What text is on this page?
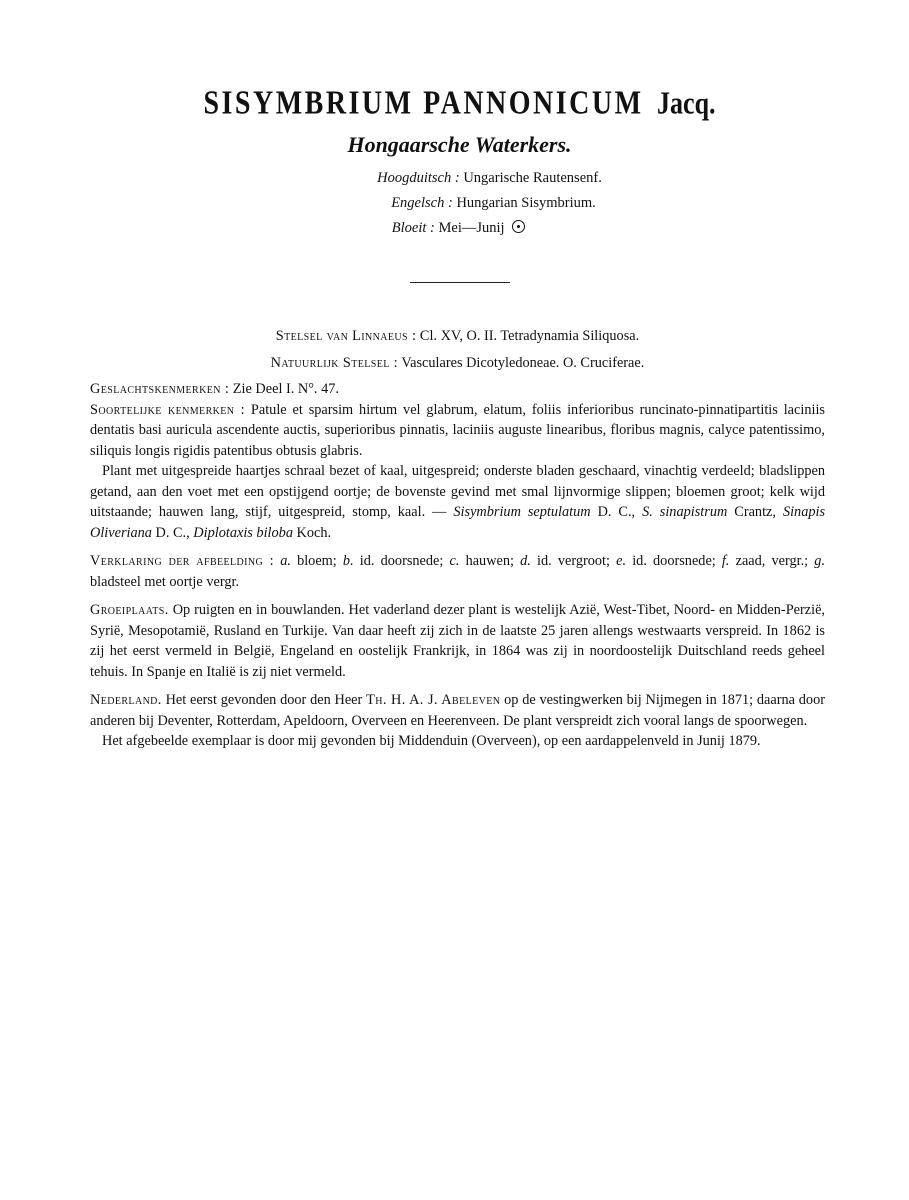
SISYMBRIUM PANNONICUM Jacq.

Hongaarsche Waterkers.

Hoogduitsch : Ungarische Rautensenf.
Engelsch : Hungarian Sisymbrium.
Bloeit : Mei—Junij

Stelsel van Linnaeus : Cl. XV, O. II. Tetradynamia Siliquosa.

Natuurlijk Stelsel : Vasculares Dicotyledoneae. O. Cruciferae.

Geslachtskenmerken : Zie Deel I. N°. 47.

Soortelijke kenmerken : Patule et sparsim hirtum vel glabrum, elatum, foliis inferioribus runcinato-pinnatipartitis laciniis dentatis basi auricula ascendente auctis, superioribus pinnatis, laciniis auguste linearibus, floribus magnis, calyce patentissimo, siliquis longis rigidis patentibus obtusis glabris.

Plant met uitgespreide haartjes schraal bezet of kaal, uitgespreid; onderste bladen geschaard, vinachtig verdeeld; bladslippen getand, aan den voet met een opstijgend oortje; de bovenste gevind met smal lijnvormige slippen; bloemen groot; kelk wijd uitstaande; hauwen lang, stijf, uitgespreid, stomp, kaal. — Sisymbrium septulatum D. C., S. sinapistrum Crantz, Sinapis Oliveriana D. C., Diplotaxis biloba Koch.

Verklaring der afbeelding : a. bloem; b. id. doorsnede; c. hauwen; d. id. vergroot; e. id. doorsnede; f. zaad, vergr.; g. bladsteel met oortje vergr.

Groeiplaats. Op ruigten en in bouwlanden. Het vaderland dezer plant is westelijk Azië, West-Tibet, Noord- en Midden-Perzië, Syrië, Mesopotamië, Rusland en Turkije. Van daar heeft zij zich in de laatste 25 jaren allengs westwaarts verspreid. In 1862 is zij het eerst vermeld in België, Engeland en oostelijk Frankrijk, in 1864 was zij in noordoostelijk Duitschland reeds geheel tehuis. In Spanje en Italië is zij niet vermeld.

Nederland. Het eerst gevonden door den Heer Th. H. A. J. Abeleven op de vestingwerken bij Nijmegen in 1871; daarna door anderen bij Deventer, Rotterdam, Apeldoorn, Overveen en Heerenveen. De plant verspreidt zich vooral langs de spoorwegen.

Het afgebeelde exemplaar is door mij gevonden bij Middenduin (Overveen), op een aardappelenveld in Junij 1879.
